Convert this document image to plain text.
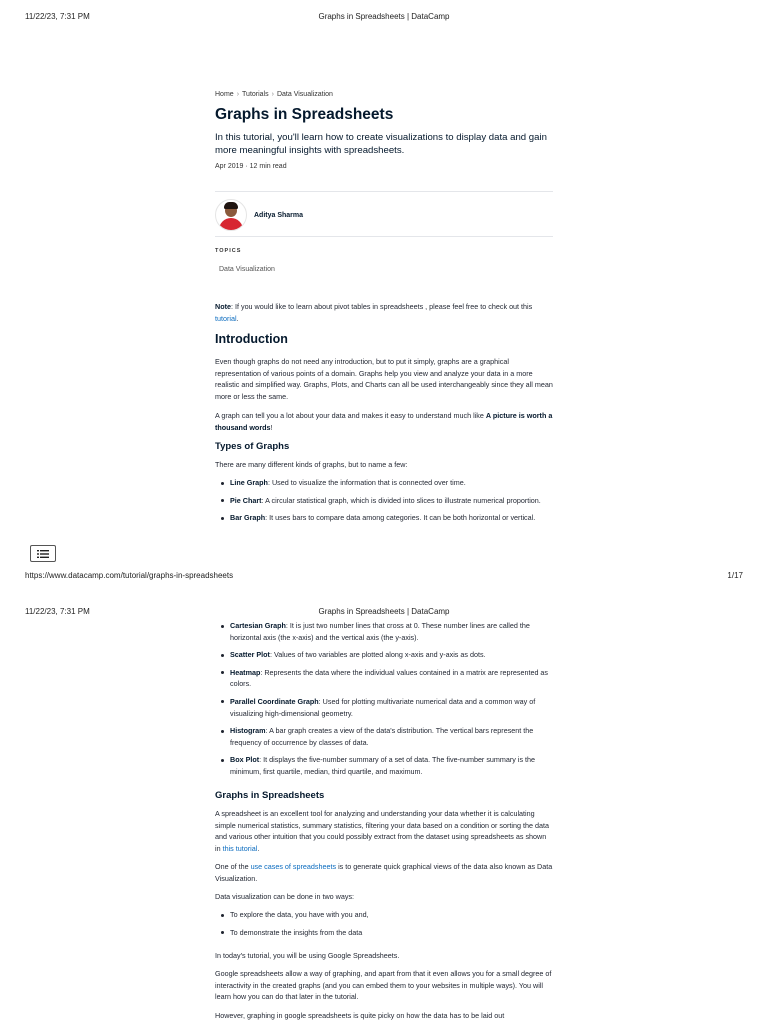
11/22/23, 7:31 PM	Graphs in Spreadsheets | DataCamp
Home › Tutorials › Data Visualization
Graphs in Spreadsheets
In this tutorial, you'll learn how to create visualizations to display data and gain more meaningful insights with spreadsheets.
Apr 2019 · 12 min read
Aditya Sharma
TOPICS
Data Visualization

Note: If you would like to learn about pivot tables in spreadsheets , please feel free to check out this tutorial.

Introduction

Even though graphs do not need any introduction, but to put it simply, graphs are a graphical representation of various points of a domain. Graphs help you view and analyze your data in a more realistic and simplified way. Graphs, Plots, and Charts can all be used interchangeably since they all mean more or less the same.

A graph can tell you a lot about your data and makes it easy to understand much like A picture is worth a thousand words!

Types of Graphs

There are many different kinds of graphs, but to name a few:

Line Graph: Used to visualize the information that is connected over time.
Pie Chart: A circular statistical graph, which is divided into slices to illustrate numerical proportion.
Bar Graph: It uses bars to compare data among categories. It can be both horizontal or vertical.
https://www.datacamp.com/tutorial/graphs-in-spreadsheets	1/17
11/22/23, 7:31 PM	Graphs in Spreadsheets | DataCamp
Cartesian Graph: It is just two number lines that cross at 0. These number lines are called the horizontal axis (the x-axis) and the vertical axis (the y-axis).
Scatter Plot: Values of two variables are plotted along x-axis and y-axis as dots.
Heatmap: Represents the data where the individual values contained in a matrix are represented as colors.
Parallel Coordinate Graph: Used for plotting multivariate numerical data and a common way of visualizing high-dimensional geometry.
Histogram: A bar graph creates a view of the data's distribution. The vertical bars represent the frequency of occurrence by classes of data.
Box Plot: It displays the five-number summary of a set of data. The five-number summary is the minimum, first quartile, median, third quartile, and maximum.
Graphs in Spreadsheets

A spreadsheet is an excellent tool for analyzing and understanding your data whether it is calculating simple numerical statistics, summary statistics, filtering your data based on a condition or sorting the data and various other intuition that you could possibly extract from the dataset using spreadsheets as shown in this tutorial.

One of the use cases of spreadsheets is to generate quick graphical views of the data also known as Data Visualization.

Data visualization can be done in two ways:

To explore the data, you have with you and,
To demonstrate the insights from the data

In today's tutorial, you will be using Google Spreadsheets.

Google spreadsheets allow a way of graphing, and apart from that it even allows you for a small degree of interactivity in the created graphs (and you can embed them to your websites in multiple ways). You will learn how you can do that later in the tutorial.

However, graphing in google spreadsheets is quite picky on how the data has to be laid out
